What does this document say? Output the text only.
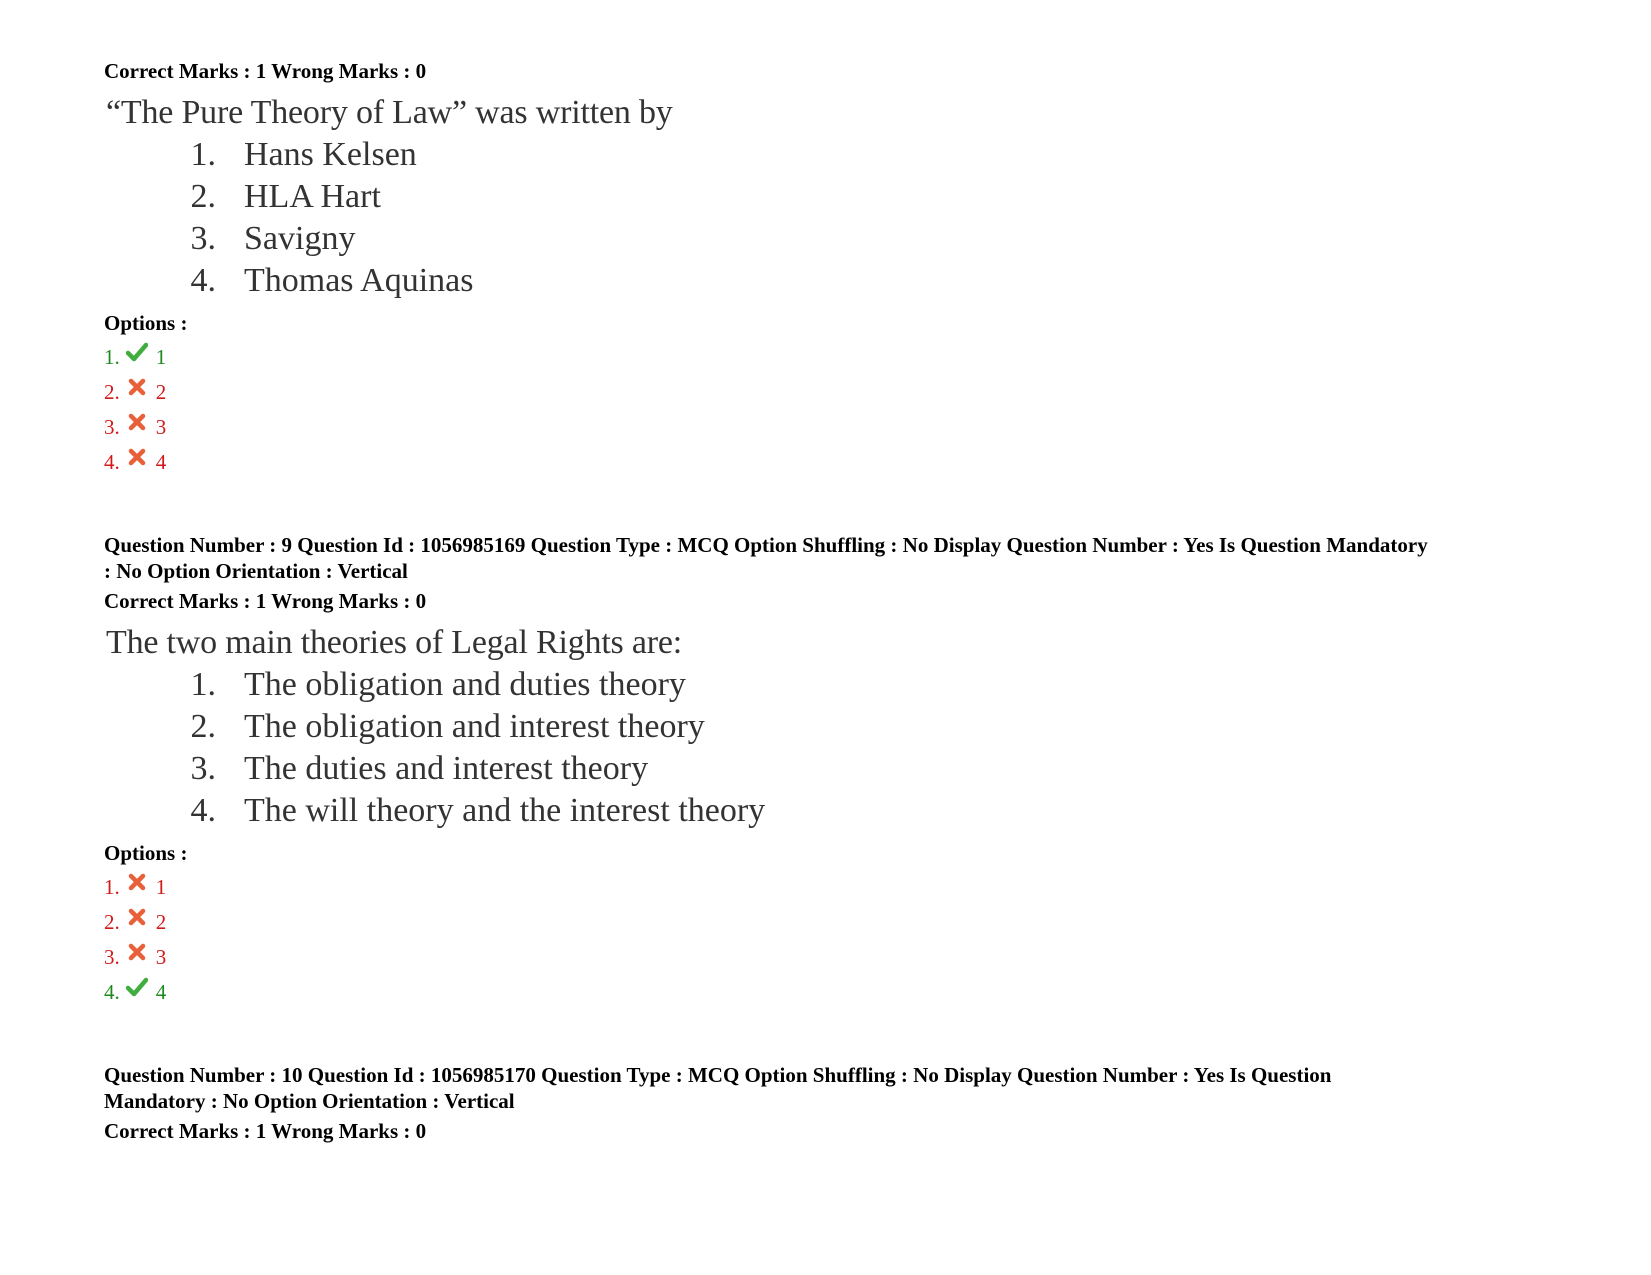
Correct Marks : 1 Wrong Marks : 0

“The Pure Theory of Law” was written by
1. Hans Kelsen
2. HLA Hart
3. Savigny
4. Thomas Aquinas
Options :
1. 1
2. 2
3. 3
4. 4

Question Number : 9 Question Id : 1056985169 Question Type : MCQ Option Shuffling : No Display Question Number : Yes Is Question Mandatory

: No Option Orientation : Vertical

Correct Marks : 1 Wrong Marks : 0

The two main theories of Legal Rights are:
1. The obligation and duties theory
2. The obligation and interest theory
3. The duties and interest theory
4. The will theory and the interest theory
Options :
1. 1
2. 2
3. 3
4. 4

Question Number : 10 Question Id : 1056985170 Question Type : MCQ Option Shuffling : No Display Question Number : Yes Is Question

Mandatory : No Option Orientation : Vertical

Correct Marks : 1 Wrong Marks : 0
